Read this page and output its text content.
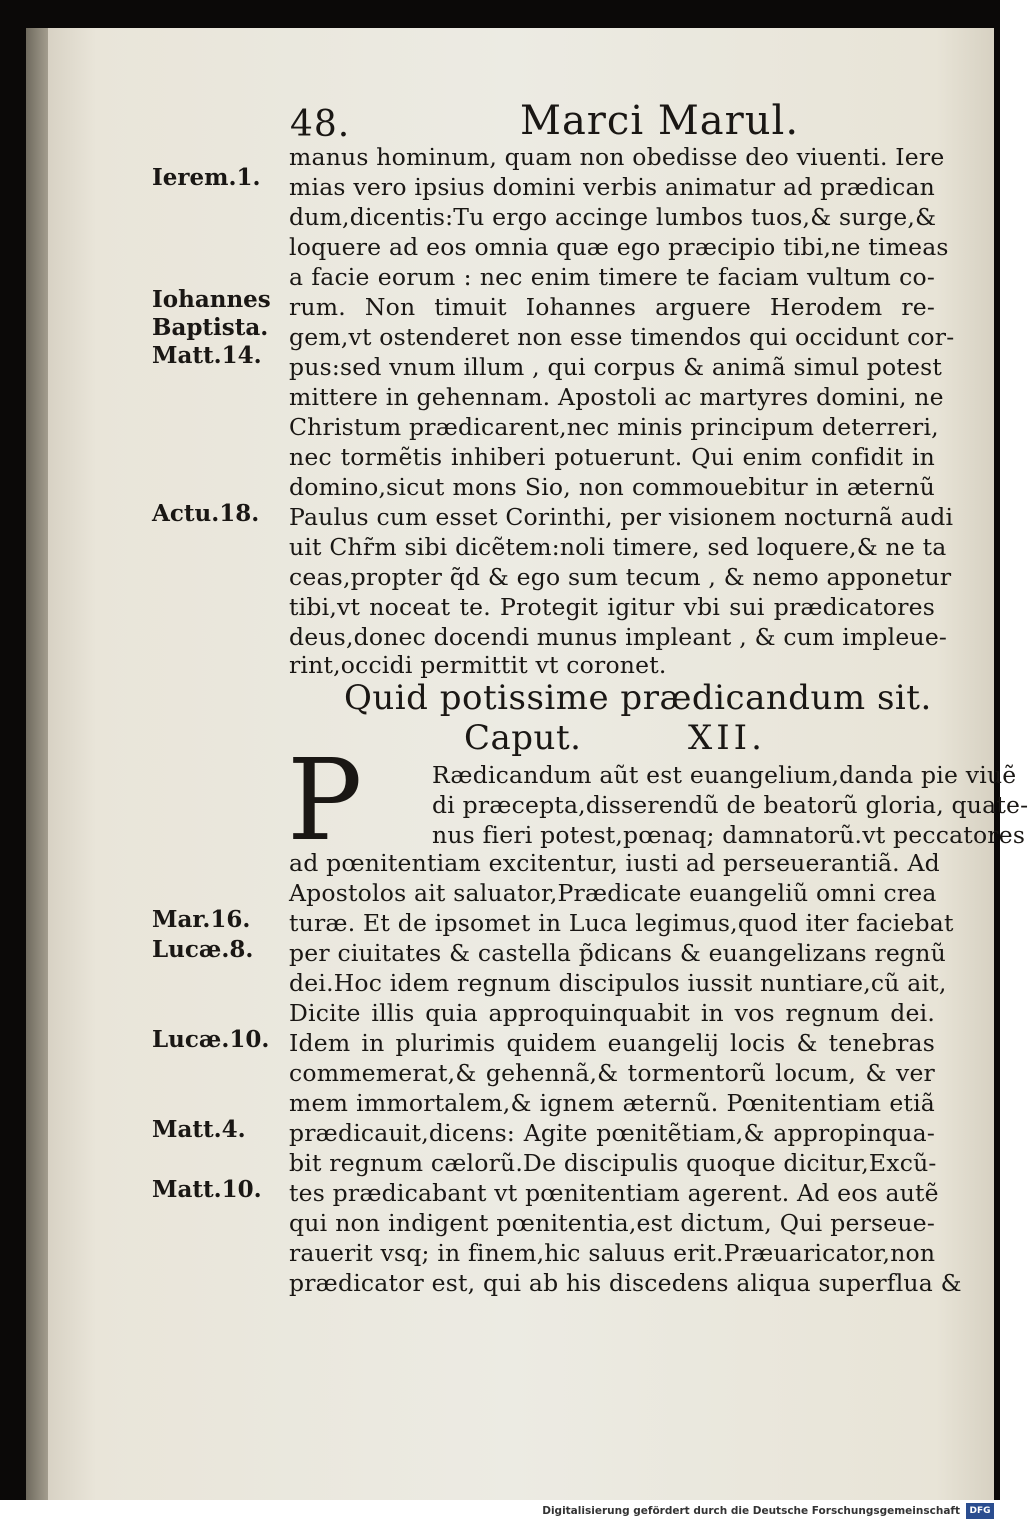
48.	Marci Marul.
Ierem.1.
Iohannes
Baptista.
Matt.14.
Actu.18.
Mar.16.
Lucæ.8.
Lucæ.10.
Matt.4.
Matt.10.
manus hominum, quam non obedisse deo viuenti. Iere
mias vero ipsius domini verbis animatur ad prædican
dum,dicentis:Tu ergo accinge lumbos tuos,& surge,&
loquere ad eos omnia quæ ego præcipio tibi,ne timeas
a facie eorum : nec enim timere te faciam vultum co-
rum. Non timuit Iohannes arguere Herodem re-
gem,vt ostenderet non esse timendos qui occidunt cor-
pus:sed vnum illum , qui corpus & animã simul potest
mittere in gehennam. Apostoli ac martyres domini, ne
Christum prædicarent,nec minis principum deterreri,
nec tormẽtis inhiberi potuerunt. Qui enim confidit in
domino,sicut mons Sio, non commouebitur in æternũ
Paulus cum esset Corinthi, per visionem nocturnã audi
uit Chr̃m sibi dicẽtem:noli timere, sed loquere,& ne ta
ceas,propter q̃d & ego sum tecum , & nemo apponetur
tibi,vt noceat te. Protegit igitur vbi sui prædicatores
deus,donec docendi munus impleant , & cum impleue-
rint,occidi permittit vt coronet.
Quid potissime prædicandum sit.
Caput.	XII.
P	Rædicandum aũt est euangelium,danda pie viuẽ
di præcepta,disserendũ de beatorũ gloria, quate-
nus fieri potest,pœnaq; damnatorũ.vt peccatores
ad pœnitentiam excitentur, iusti ad perseuerantiã. Ad
Apostolos ait saluator,Prædicate euangeliũ omni crea
turæ. Et de ipsomet in Luca legimus,quod iter faciebat
per ciuitates & castella p̃dicans & euangelizans regnũ
dei.Hoc idem regnum discipulos iussit nuntiare,cũ ait,
Dicite illis quia approquinquabit in vos regnum dei.
Idem in plurimis quidem euangelij locis & tenebras
commemerat,& gehennã,& tormentorũ locum, & ver
mem immortalem,& ignem æternũ. Pœnitentiam etiã
prædicauit,dicens: Agite pœnitẽtiam,& appropinqua-
bit regnum cælorũ.De discipulis quoque dicitur,Excũ-
tes prædicabant vt pœnitentiam agerent. Ad eos autẽ
qui non indigent pœnitentia,est dictum, Qui perseue-
rauerit vsq; in finem,hic saluus erit.Præuaricator,non
prædicator est, qui ab his discedens aliqua superflua &
Digitalisierung gefördert durch die Deutsche Forschungsgemeinschaft	DFG
